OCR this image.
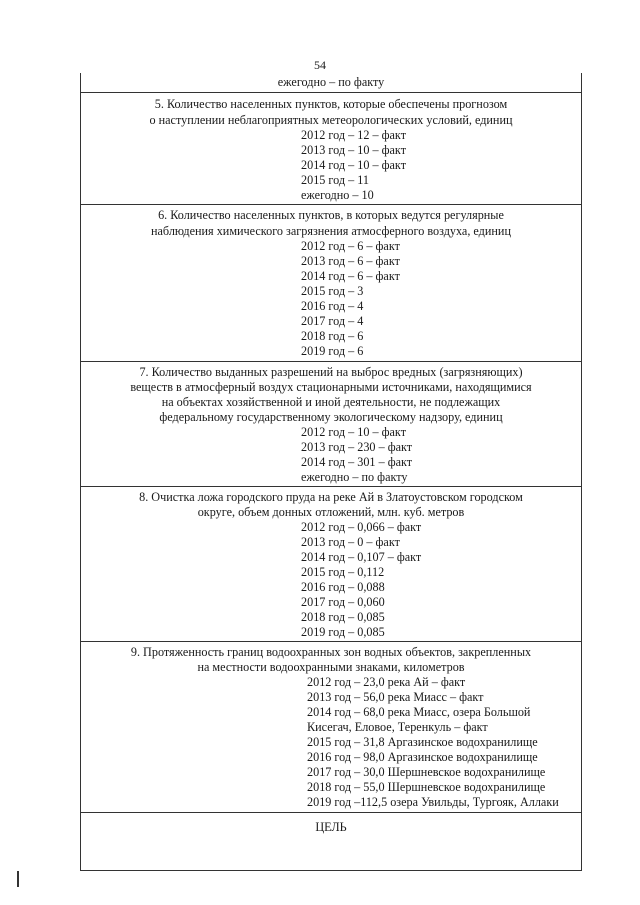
54
ежегодно – по факту
5. Количество населенных пунктов, которые обеспечены прогнозом
о наступлении неблагоприятных метеорологических условий, единиц
2012 год – 12 – факт
2013 год – 10 – факт
2014 год – 10 – факт
2015 год – 11
ежегодно – 10
6. Количество населенных пунктов, в которых ведутся регулярные
наблюдения химического загрязнения атмосферного воздуха, единиц
2012 год – 6 – факт
2013 год – 6 – факт
2014 год – 6 – факт
2015 год – 3
2016 год – 4
2017 год – 4
2018 год – 6
2019 год – 6
7. Количество выданных разрешений на выброс вредных (загрязняющих)
веществ в атмосферный воздух стационарными источниками, находящимися
на объектах хозяйственной и иной деятельности, не подлежащих
федеральному государственному экологическому надзору, единиц
2012 год – 10 – факт
2013 год – 230 – факт
2014 год – 301 – факт
ежегодно – по факту
8. Очистка ложа городского пруда на реке Ай в Златоустовском городском
округе, объем донных отложений, млн. куб. метров
2012 год – 0,066 – факт
2013 год – 0 – факт
2014 год – 0,107 – факт
2015 год – 0,112
2016 год – 0,088
2017 год – 0,060
2018 год – 0,085
2019 год – 0,085
9. Протяженность границ водоохранных зон водных объектов, закрепленных
на местности водоохранными знаками, километров
2012 год – 23,0 река Ай – факт
2013 год – 56,0 река Миасс – факт
2014 год – 68,0 река Миасс, озера Большой
Кисегач, Еловое, Теренкуль – факт
2015 год – 31,8 Аргазинское водохранилище
2016 год – 98,0 Аргазинское водохранилище
2017 год – 30,0 Шершневское водохранилище
2018 год – 55,0 Шершневское водохранилище
2019 год –112,5 озера Увильды, Тургояк, Аллаки
ЦЕЛЬ
